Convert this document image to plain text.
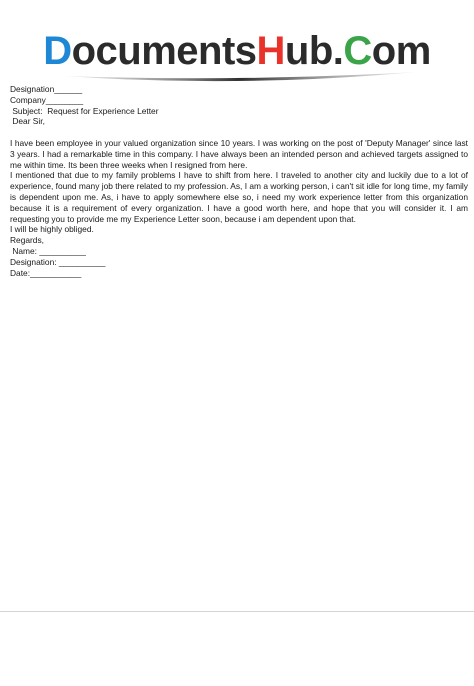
DocumentsHub.Com
Designation______
Company________
Subject:  Request for Experience Letter
Dear Sir,
I have been employee in your valued organization since 10 years. I was working on the post of 'Deputy Manager' since last 3 years. I had a remarkable time in this company. I have always been an intended person and achieved targets assigned to me within time. Its been three weeks when I resigned from here.
I mentioned that due to my family problems I have to shift from here. I traveled to another city and luckily due to a lot of experience, found many job there related to my profession. As, I am a working person, i can't sit idle for long time, my family is dependent upon me. As, i have to apply somewhere else so, i need my work experience letter from this organization because it is a requirement of every organization. I have a good worth here, and hope that you will consider it. I am requesting you to provide me my Experience Letter soon, because i am dependent upon that.
I will be highly obliged.
Regards,
Name: __________
Designation: __________
Date:___________
